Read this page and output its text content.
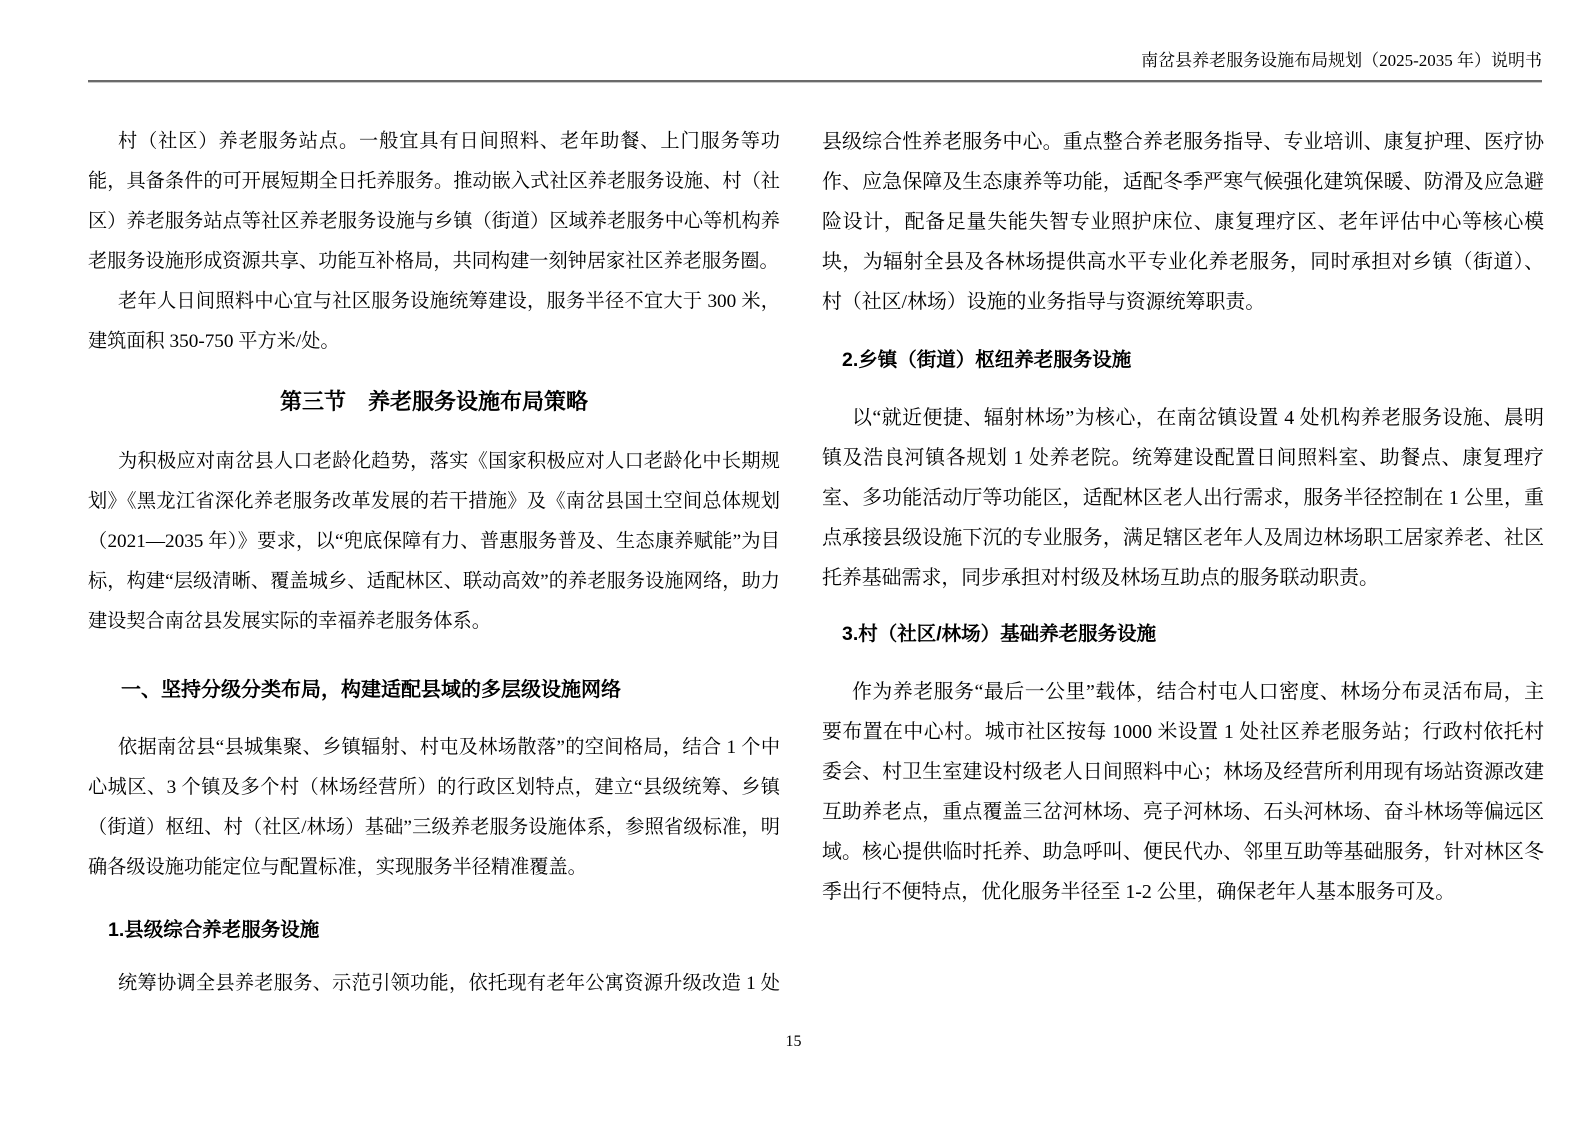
南岔县养老服务设施布局规划（2025-2035 年）说明书

村（社区）养老服务站点。一般宜具有日间照料、老年助餐、上门服务等功能，具备条件的可开展短期全日托养服务。推动嵌入式社区养老服务设施、村（社区）养老服务站点等社区养老服务设施与乡镇（街道）区域养老服务中心等机构养老服务设施形成资源共享、功能互补格局，共同构建一刻钟居家社区养老服务圈。

老年人日间照料中心宜与社区服务设施统筹建设，服务半径不宜大于 300 米，建筑面积 350-750 平方米/处。

第三节　养老服务设施布局策略

为积极应对南岔县人口老龄化趋势，落实《国家积极应对人口老龄化中长期规划》《黑龙江省深化养老服务改革发展的若干措施》及《南岔县国土空间总体规划（2021—2035 年）》要求，以“兜底保障有力、普惠服务普及、生态康养赋能”为目标，构建“层级清晰、覆盖城乡、适配林区、联动高效”的养老服务设施网络，助力建设契合南岔县发展实际的幸福养老服务体系。

一、坚持分级分类布局，构建适配县域的多层级设施网络

依据南岔县“县城集聚、乡镇辐射、村屯及林场散落”的空间格局，结合 1 个中心城区、3 个镇及多个村（林场经营所）的行政区划特点，建立“县级统筹、乡镇（街道）枢纽、村（社区/林场）基础”三级养老服务设施体系，参照省级标准，明确各级设施功能定位与配置标准，实现服务半径精准覆盖。

1.县级综合养老服务设施

统筹协调全县养老服务、示范引领功能，依托现有老年公寓资源升级改造 1 处

县级综合性养老服务中心。重点整合养老服务指导、专业培训、康复护理、医疗协作、应急保障及生态康养等功能，适配冬季严寒气候强化建筑保暖、防滑及应急避险设计，配备足量失能失智专业照护床位、康复理疗区、老年评估中心等核心模块，为辐射全县及各林场提供高水平专业化养老服务，同时承担对乡镇（街道）、村（社区/林场）设施的业务指导与资源统筹职责。

2.乡镇（街道）枢纽养老服务设施

以“就近便捷、辐射林场”为核心，在南岔镇设置 4 处机构养老服务设施、晨明镇及浩良河镇各规划 1 处养老院。统筹建设配置日间照料室、助餐点、康复理疗室、多功能活动厅等功能区，适配林区老人出行需求，服务半径控制在 1 公里，重点承接县级设施下沉的专业服务，满足辖区老年人及周边林场职工居家养老、社区托养基础需求，同步承担对村级及林场互助点的服务联动职责。

3.村（社区/林场）基础养老服务设施

作为养老服务“最后一公里”载体，结合村屯人口密度、林场分布灵活布局，主要布置在中心村。城市社区按每 1000 米设置 1 处社区养老服务站；行政村依托村委会、村卫生室建设村级老人日间照料中心；林场及经营所利用现有场站资源改建互助养老点，重点覆盖三岔河林场、亮子河林场、石头河林场、奋斗林场等偏远区域。核心提供临时托养、助急呼叫、便民代办、邻里互助等基础服务，针对林区冬季出行不便特点，优化服务半径至 1-2 公里，确保老年人基本服务可及。

15
